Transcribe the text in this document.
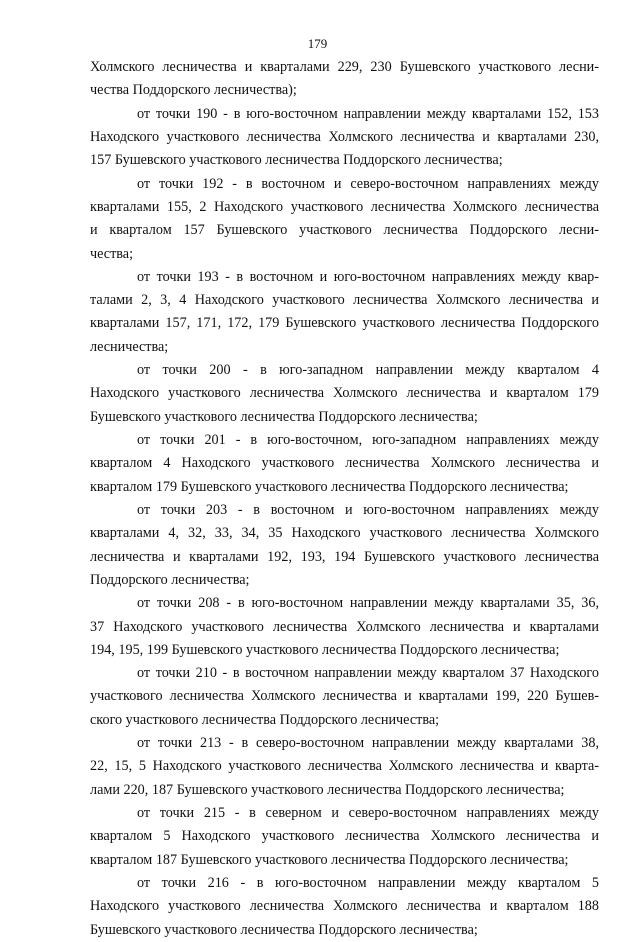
179
Холмского лесничества и кварталами 229, 230 Бушевского участкового лесни-
чества Поддорского лесничества);
от точки 190 - в юго-восточном направлении между кварталами 152, 153
Находского участкового лесничества Холмского лесничества и кварталами 230,
157 Бушевского участкового лесничества Поддорского лесничества;
от точки 192 - в восточном и северо-восточном направлениях между
кварталами 155, 2 Находского участкового лесничества Холмского лесничества
и кварталом 157 Бушевского участкового лесничества Поддорского лесни-
чества;
от точки 193 - в восточном и юго-восточном направлениях между квар-
талами 2, 3, 4 Находского участкового лесничества Холмского лесничества и
кварталами 157, 171, 172, 179 Бушевского участкового лесничества Поддорского
лесничества;
от точки 200 - в юго-западном направлении между кварталом 4
Находского участкового лесничества Холмского лесничества и кварталом 179
Бушевского участкового лесничества Поддорского лесничества;
от точки 201 - в юго-восточном, юго-западном направлениях между
кварталом 4 Находского участкового лесничества Холмского лесничества и
кварталом 179 Бушевского участкового лесничества Поддорского лесничества;
от точки 203 - в восточном и юго-восточном направлениях между
кварталами 4, 32, 33, 34, 35 Находского участкового лесничества Холмского
лесничества и кварталами 192, 193, 194 Бушевского участкового лесничества
Поддорского лесничества;
от точки 208 - в юго-восточном направлении между кварталами 35, 36,
37 Находского участкового лесничества Холмского лесничества и кварталами
194, 195, 199 Бушевского участкового лесничества Поддорского лесничества;
от точки 210 - в восточном направлении между кварталом 37 Находского
участкового лесничества Холмского лесничества и кварталами 199, 220 Бушев-
ского участкового лесничества Поддорского лесничества;
от точки 213 - в северо-восточном направлении между кварталами 38,
22, 15, 5 Находского участкового лесничества Холмского лесничества и кварта-
лами 220, 187 Бушевского участкового лесничества Поддорского лесничества;
от точки 215 - в северном и северо-восточном направлениях между
кварталом 5 Находского участкового лесничества Холмского лесничества и
кварталом 187 Бушевского участкового лесничества Поддорского лесничества;
от точки 216 - в юго-восточном направлении между кварталом 5
Находского участкового лесничества Холмского лесничества и кварталом 188
Бушевского участкового лесничества Поддорского лесничества;
